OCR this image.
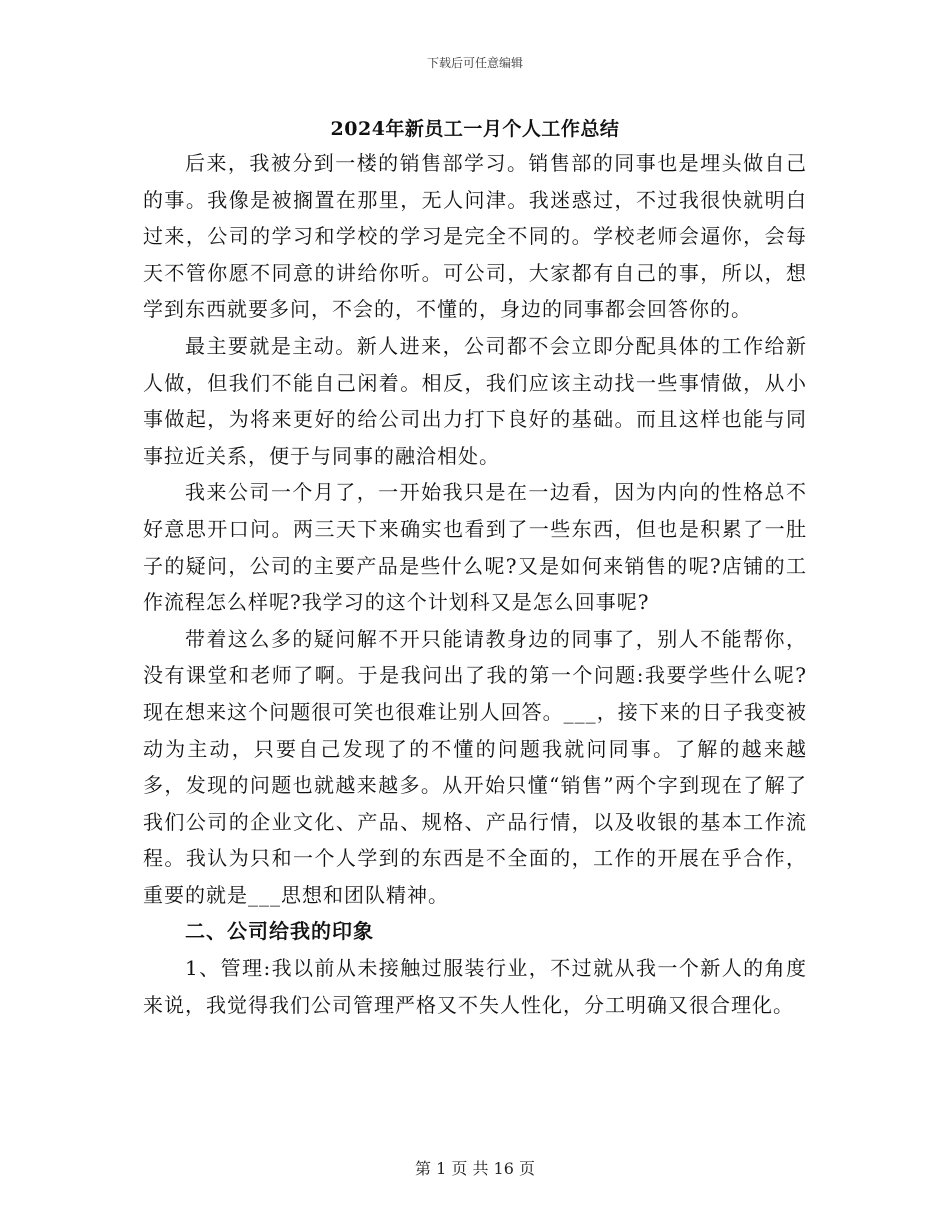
下载后可任意编辑
2024年新员工一月个人工作总结

后来，我被分到一楼的销售部学习。销售部的同事也是埋头做自己的事。我像是被搁置在那里，无人问津。我迷惑过，不过我很快就明白过来，公司的学习和学校的学习是完全不同的。学校老师会逼你，会每天不管你愿不同意的讲给你听。可公司，大家都有自己的事，所以，想学到东西就要多问，不会的，不懂的，身边的同事都会回答你的。

最主要就是主动。新人进来，公司都不会立即分配具体的工作给新人做，但我们不能自己闲着。相反，我们应该主动找一些事情做，从小事做起，为将来更好的给公司出力打下良好的基础。而且这样也能与同事拉近关系，便于与同事的融洽相处。

我来公司一个月了，一开始我只是在一边看，因为内向的性格总不好意思开口问。两三天下来确实也看到了一些东西，但也是积累了一肚子的疑问，公司的主要产品是些什么呢?又是如何来销售的呢?店铺的工作流程怎么样呢?我学习的这个计划科又是怎么回事呢?

带着这么多的疑问解不开只能请教身边的同事了，别人不能帮你，没有课堂和老师了啊。于是我问出了我的第一个问题:我要学些什么呢?现在想来这个问题很可笑也很难让别人回答。___，接下来的日子我变被动为主动，只要自己发现了的不懂的问题我就问同事。了解的越来越多，发现的问题也就越来越多。从开始只懂“销售”两个字到现在了解了我们公司的企业文化、产品、规格、产品行情，以及收银的基本工作流程。我认为只和一个人学到的东西是不全面的，工作的开展在乎合作，重要的就是___思想和团队精神。

二、公司给我的印象

1、管理:我以前从未接触过服装行业，不过就从我一个新人的角度来说，我觉得我们公司管理严格又不失人性化，分工明确又很合理化。

第 1 页 共 16 页
